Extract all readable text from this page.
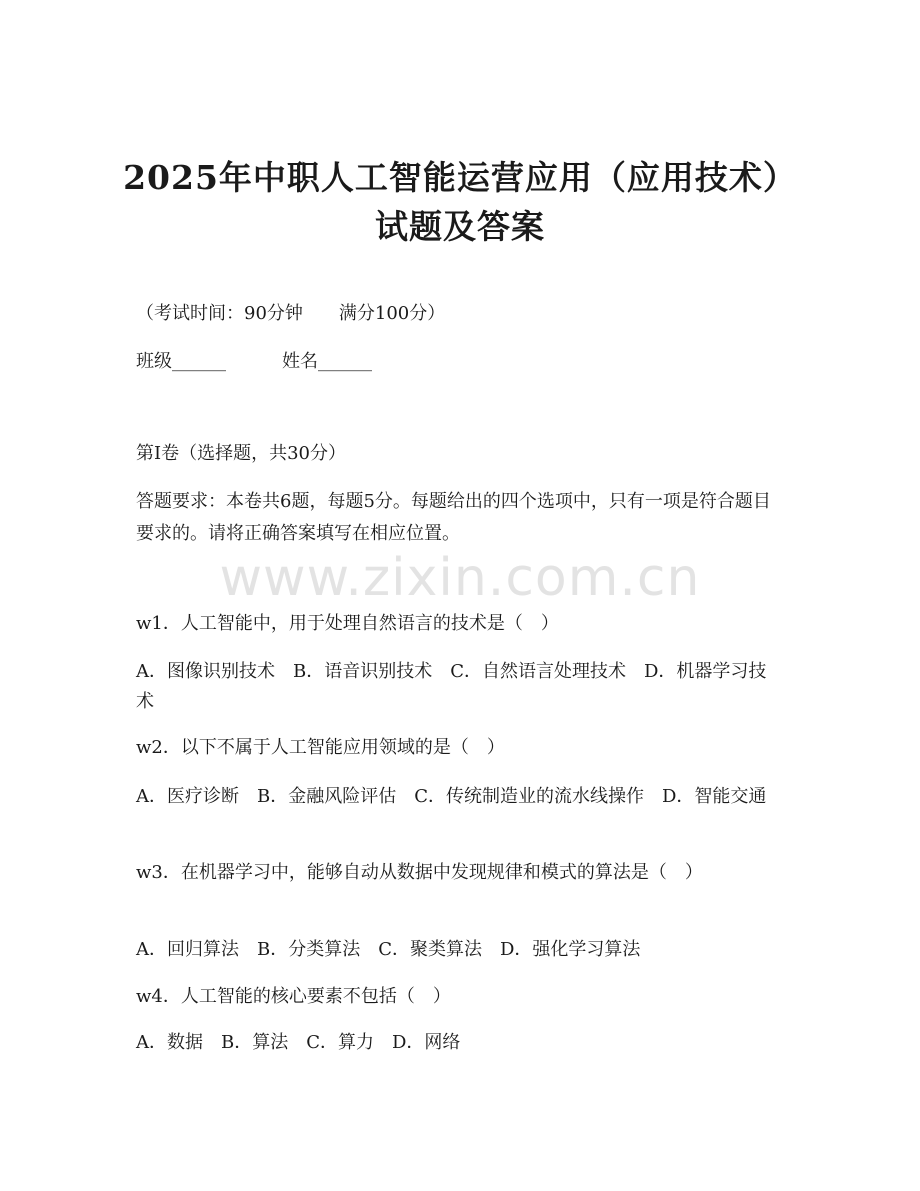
2025年中职人工智能运营应用（应用技术）
试题及答案
（考试时间：90分钟　　满分100分）
班级______	姓名______
第I卷（选择题，共30分）
答题要求：本卷共6题，每题5分。每题给出的四个选项中，只有一项是符合题目要求的。请将正确答案填写在相应位置。
www.zixin.com.cn
w1．人工智能中，用于处理自然语言的技术是（　）
A．图像识别技术　B．语音识别技术　C．自然语言处理技术　D．机器学习技术
w2．以下不属于人工智能应用领域的是（　）
A．医疗诊断　B．金融风险评估　C．传统制造业的流水线操作　D．智能交通
w3．在机器学习中，能够自动从数据中发现规律和模式的算法是（　）
A．回归算法　B．分类算法　C．聚类算法　D．强化学习算法
w4．人工智能的核心要素不包括（　）
A．数据　B．算法　C．算力　D．网络
